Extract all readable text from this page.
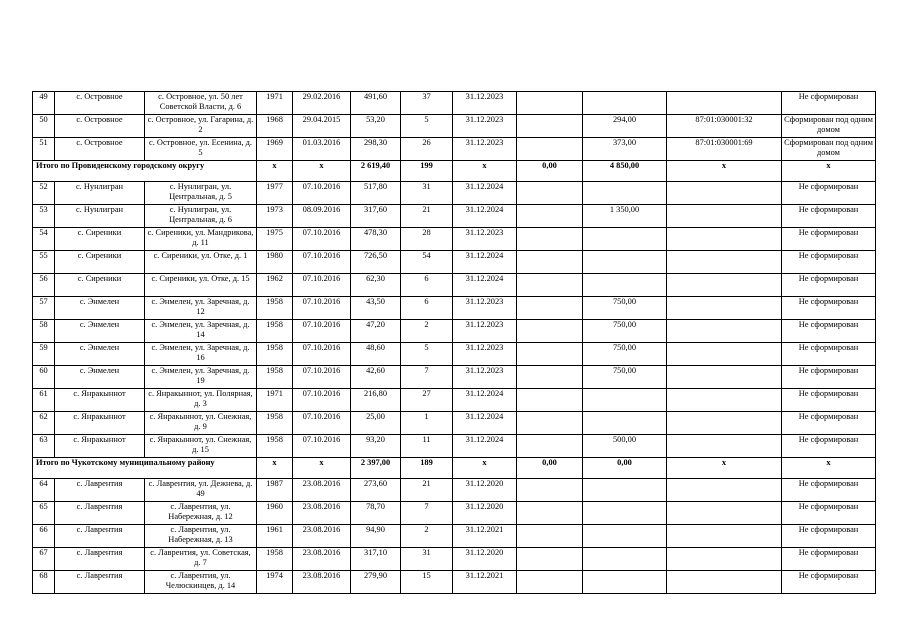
49	с. Островное	с. Островное, ул. 50 лет Советской Власти, д. 6	1971	29.02.2016	491,60	37	31.12.2023				Не сформирован
50	с. Островное	с. Островное, ул. Гагарина, д. 2	1968	29.04.2015	53,20	5	31.12.2023		294,00	87:01:030001:32	Сформирован под одним домом
51	с. Островное	с. Островное, ул. Есенина, д. 5	1969	01.03.2016	298,30	26	31.12.2023		373,00	87:01:030001:69	Сформирован под одним домом
Итого по Провиденскому городскому округу			x	x	2 619,40	199	x	0,00	4 850,00	x	x
52	с. Нунлигран	с. Нунлигран, ул. Центральная, д. 5	1977	07.10.2016	517,80	31	31.12.2024				Не сформирован
53	с. Нунлигран	с. Нунлигран, ул. Центральная, д. 6	1973	08.09.2016	317,60	21	31.12.2024		1 350,00		Не сформирован
54	с. Сиреники	с. Сиреники, ул. Мандрикова, д. 11	1975	07.10.2016	478,30	28	31.12.2023				Не сформирован
55	с. Сиреники	с. Сиреники, ул. Отке, д. 1	1980	07.10.2016	726,50	54	31.12.2024				Не сформирован
56	с. Сиреники	с. Сиреники, ул. Отке, д. 15	1962	07.10.2016	62,30	6	31.12.2024				Не сформирован
57	с. Энмелен	с. Энмелен, ул. Заречная, д. 12	1958	07.10.2016	43,50	6	31.12.2023		750,00		Не сформирован
58	с. Энмелен	с. Энмелен, ул. Заречная, д. 14	1958	07.10.2016	47,20	2	31.12.2023		750,00		Не сформирован
59	с. Энмелен	с. Энмелен, ул. Заречная, д. 16	1958	07.10.2016	48,60	5	31.12.2023		750,00		Не сформирован
60	с. Энмелен	с. Энмелен, ул. Заречная, д. 19	1958	07.10.2016	42,60	7	31.12.2023		750,00		Не сформирован
61	с. Янракыннот	с. Янракыннот, ул. Полярная, д. 3	1971	07.10.2016	216,80	27	31.12.2024				Не сформирован
62	с. Янракыннот	с. Янракыннот, ул. Снежная, д. 9	1958	07.10.2016	25,00	1	31.12.2024				Не сформирован
63	с. Янракыннот	с. Янракыннот, ул. Снежная, д. 15	1958	07.10.2016	93,20	11	31.12.2024		500,00		Не сформирован
Итого по Чукотскому муниципальному району			x	x	2 397,00	189	x	0,00	0,00	x	x
64	с. Лаврентия	с. Лаврентия, ул. Дежнева, д. 49	1987	23.08.2016	273,60	21	31.12.2020				Не сформирован
65	с. Лаврентия	с. Лаврентия, ул. Набережная, д. 12	1960	23.08.2016	78,70	7	31.12.2020				Не сформирован
66	с. Лаврентия	с. Лаврентия, ул. Набережная, д. 13	1961	23.08.2016	94,90	2	31.12.2021				Не сформирован
67	с. Лаврентия	с. Лаврентия, ул. Советская, д. 7	1958	23.08.2016	317,10	31	31.12.2020				Не сформирован
68	с. Лаврентия	с. Лаврентия, ул. Челюскинцев, д. 14	1974	23.08.2016	279,90	15	31.12.2021				Не сформирован
